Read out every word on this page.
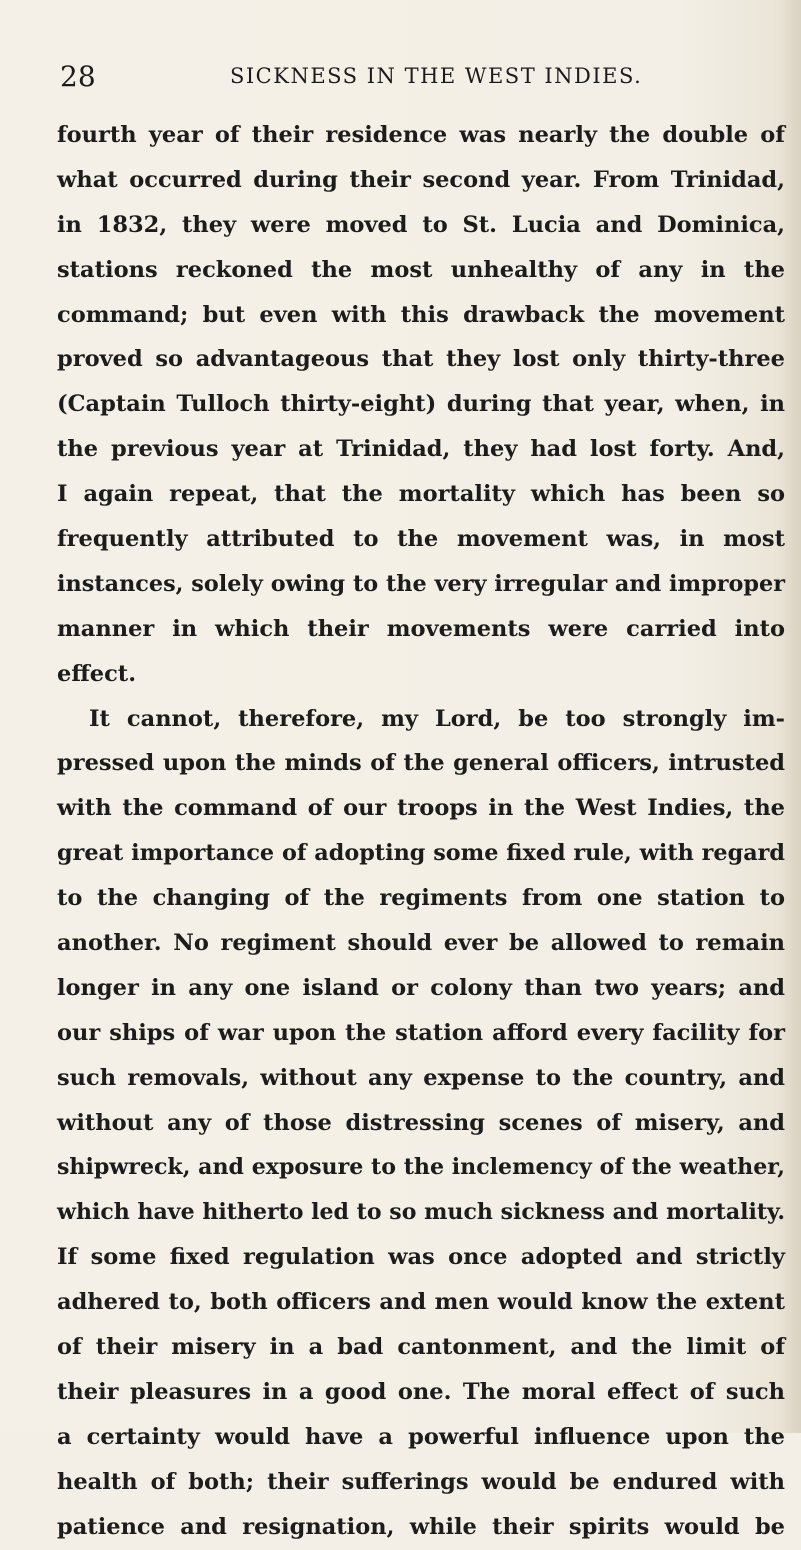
28	SICKNESS IN THE WEST INDIES.
fourth year of their residence was nearly the double of
what occurred during their second year. From Trinidad,
in 1832, they were moved to St. Lucia and Dominica,
stations reckoned the most unhealthy of any in the
command; but even with this drawback the movement
proved so advantageous that they lost only thirty-three
(Captain Tulloch thirty-eight) during that year, when, in
the previous year at Trinidad, they had lost forty. And,
I again repeat, that the mortality which has been so
frequently attributed to the movement was, in most
instances, solely owing to the very irregular and improper
manner in which their movements were carried into
effect.
It cannot, therefore, my Lord, be too strongly im-
pressed upon the minds of the general officers, intrusted
with the command of our troops in the West Indies, the
great importance of adopting some fixed rule, with regard
to the changing of the regiments from one station to
another. No regiment should ever be allowed to remain
longer in any one island or colony than two years; and
our ships of war upon the station afford every facility for
such removals, without any expense to the country, and
without any of those distressing scenes of misery, and
shipwreck, and exposure to the inclemency of the weather,
which have hitherto led to so much sickness and mortality.
If some fixed regulation was once adopted and strictly
adhered to, both officers and men would know the extent
of their misery in a bad cantonment, and the limit of
their pleasures in a good one. The moral effect of such
a certainty would have a powerful influence upon the
health of both; their sufferings would be endured with
patience and resignation, while their spirits would be
